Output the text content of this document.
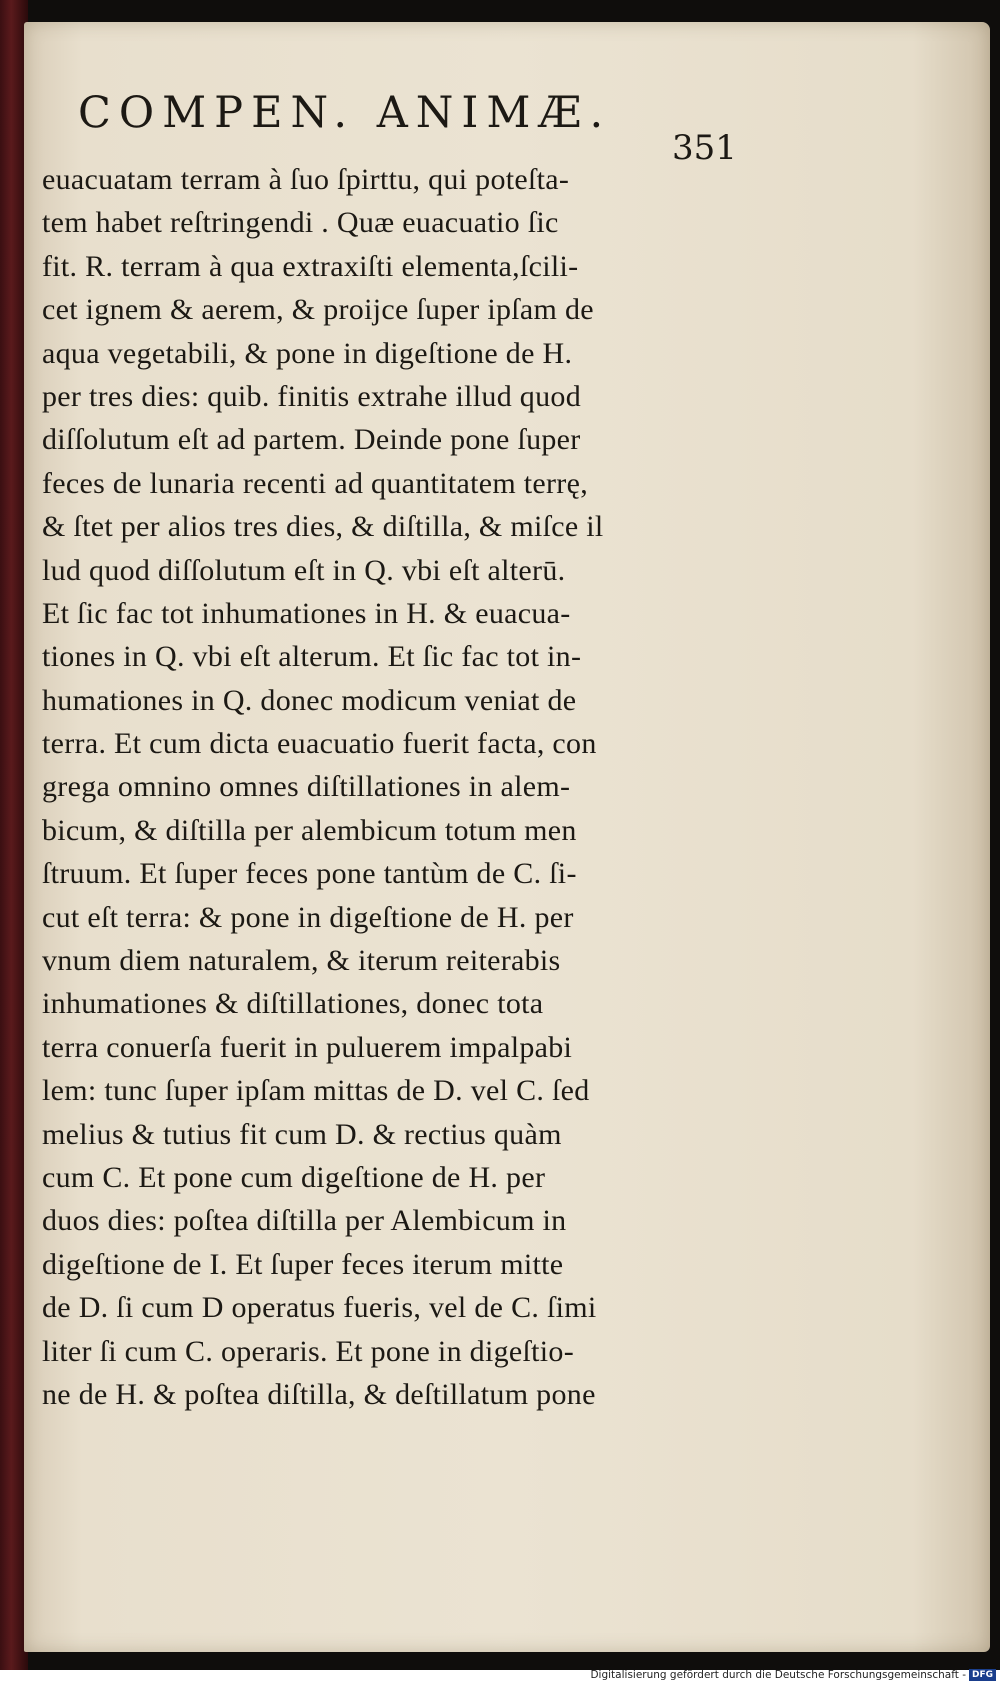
COMPEN. ANIMÆ.
351
euacuatam terram à ſuo ſpirttu, qui poteſta-
tem habet reſtringendi . Quæ euacuatio ſic
fit. R. terram à qua extraxiſti elementa,ſcili-
cet ignem & aerem, & proijce ſuper ipſam de
aqua vegetabili, & pone in digeſtione de H.
per tres dies: quib. finitis extrahe illud quod
diſſolutum eſt ad partem. Deinde pone ſuper
feces de lunaria recenti ad quantitatem terrę,
& ſtet per alios tres dies, & diſtilla, & miſce il
lud quod diſſolutum eſt in Q. vbi eſt alterū.
Et ſic fac tot inhumationes in H. & euacua-
tiones in Q. vbi eſt alterum. Et ſic fac tot in-
humationes in Q. donec modicum veniat de
terra. Et cum dicta euacuatio fuerit facta, con
grega omnino omnes diſtillationes in alem-
bicum, & diſtilla per alembicum totum men
ſtruum. Et ſuper feces pone tantùm de C. ſi-
cut eſt terra: & pone in digeſtione de H. per
vnum diem naturalem, & iterum reiterabis
inhumationes & diſtillationes, donec tota
terra conuerſa fuerit in puluerem impalpabi
lem: tunc ſuper ipſam mittas de D. vel C. ſed
melius & tutius fit cum D. & rectius quàm
cum C. Et pone cum digeſtione de H. per
duos dies: poſtea diſtilla per Alembicum in
digeſtione de I. Et ſuper feces iterum mitte
de D. ſi cum D operatus fueris, vel de C. ſimi
liter ſi cum C. operaris. Et pone in digeſtio-
ne de H. & poſtea diſtilla, & deſtillatum pone
Digitalisierung gefördert durch die Deutsche Forschungsgemeinschaft - DFG
